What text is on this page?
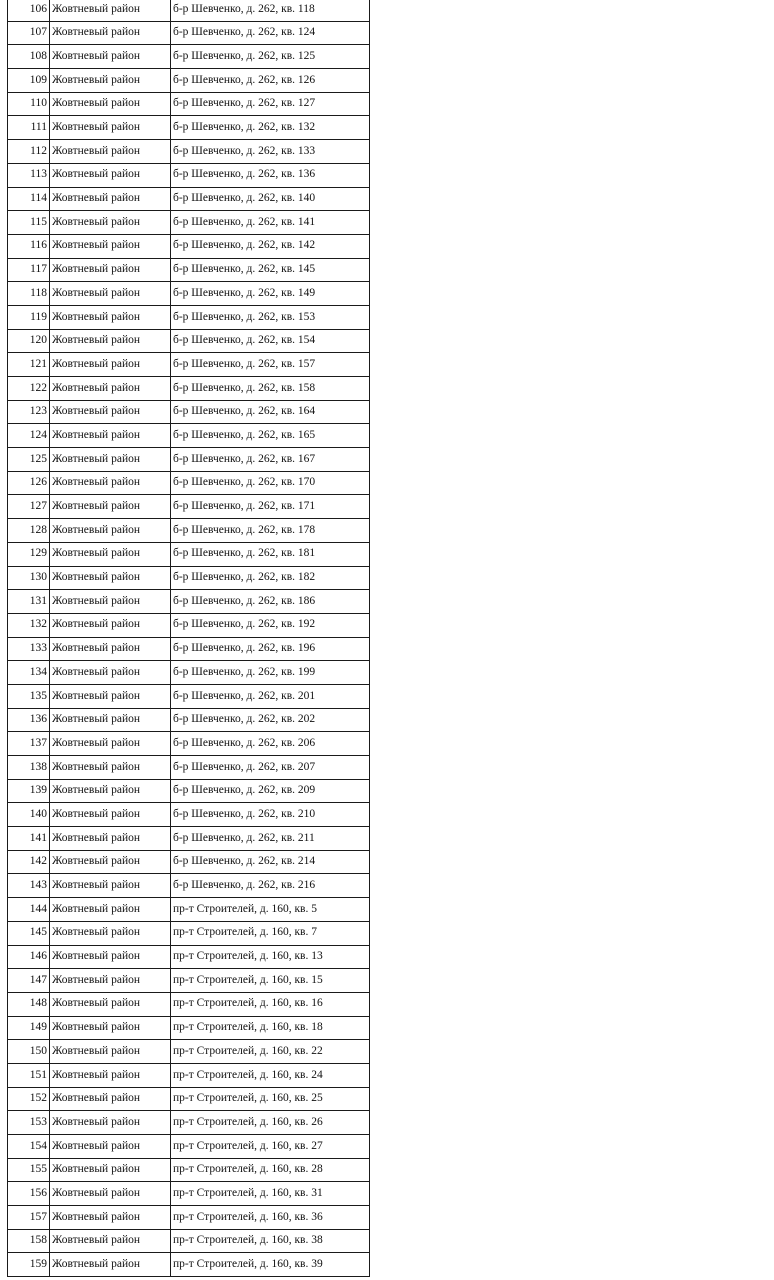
106	Жовтневый район	б-р Шевченко, д. 262, кв. 118
107	Жовтневый район	б-р Шевченко, д. 262, кв. 124
108	Жовтневый район	б-р Шевченко, д. 262, кв. 125
109	Жовтневый район	б-р Шевченко, д. 262, кв. 126
110	Жовтневый район	б-р Шевченко, д. 262, кв. 127
111	Жовтневый район	б-р Шевченко, д. 262, кв. 132
112	Жовтневый район	б-р Шевченко, д. 262, кв. 133
113	Жовтневый район	б-р Шевченко, д. 262, кв. 136
114	Жовтневый район	б-р Шевченко, д. 262, кв. 140
115	Жовтневый район	б-р Шевченко, д. 262, кв. 141
116	Жовтневый район	б-р Шевченко, д. 262, кв. 142
117	Жовтневый район	б-р Шевченко, д. 262, кв. 145
118	Жовтневый район	б-р Шевченко, д. 262, кв. 149
119	Жовтневый район	б-р Шевченко, д. 262, кв. 153
120	Жовтневый район	б-р Шевченко, д. 262, кв. 154
121	Жовтневый район	б-р Шевченко, д. 262, кв. 157
122	Жовтневый район	б-р Шевченко, д. 262, кв. 158
123	Жовтневый район	б-р Шевченко, д. 262, кв. 164
124	Жовтневый район	б-р Шевченко, д. 262, кв. 165
125	Жовтневый район	б-р Шевченко, д. 262, кв. 167
126	Жовтневый район	б-р Шевченко, д. 262, кв. 170
127	Жовтневый район	б-р Шевченко, д. 262, кв. 171
128	Жовтневый район	б-р Шевченко, д. 262, кв. 178
129	Жовтневый район	б-р Шевченко, д. 262, кв. 181
130	Жовтневый район	б-р Шевченко, д. 262, кв. 182
131	Жовтневый район	б-р Шевченко, д. 262, кв. 186
132	Жовтневый район	б-р Шевченко, д. 262, кв. 192
133	Жовтневый район	б-р Шевченко, д. 262, кв. 196
134	Жовтневый район	б-р Шевченко, д. 262, кв. 199
135	Жовтневый район	б-р Шевченко, д. 262, кв. 201
136	Жовтневый район	б-р Шевченко, д. 262, кв. 202
137	Жовтневый район	б-р Шевченко, д. 262, кв. 206
138	Жовтневый район	б-р Шевченко, д. 262, кв. 207
139	Жовтневый район	б-р Шевченко, д. 262, кв. 209
140	Жовтневый район	б-р Шевченко, д. 262, кв. 210
141	Жовтневый район	б-р Шевченко, д. 262, кв. 211
142	Жовтневый район	б-р Шевченко, д. 262, кв. 214
143	Жовтневый район	б-р Шевченко, д. 262, кв. 216
144	Жовтневый район	пр-т Строителей, д. 160, кв. 5
145	Жовтневый район	пр-т Строителей, д. 160, кв. 7
146	Жовтневый район	пр-т Строителей, д. 160, кв. 13
147	Жовтневый район	пр-т Строителей, д. 160, кв. 15
148	Жовтневый район	пр-т Строителей, д. 160, кв. 16
149	Жовтневый район	пр-т Строителей, д. 160, кв. 18
150	Жовтневый район	пр-т Строителей, д. 160, кв. 22
151	Жовтневый район	пр-т Строителей, д. 160, кв. 24
152	Жовтневый район	пр-т Строителей, д. 160, кв. 25
153	Жовтневый район	пр-т Строителей, д. 160, кв. 26
154	Жовтневый район	пр-т Строителей, д. 160, кв. 27
155	Жовтневый район	пр-т Строителей, д. 160, кв. 28
156	Жовтневый район	пр-т Строителей, д. 160, кв. 31
157	Жовтневый район	пр-т Строителей, д. 160, кв. 36
158	Жовтневый район	пр-т Строителей, д. 160, кв. 38
159	Жовтневый район	пр-т Строителей, д. 160, кв. 39
